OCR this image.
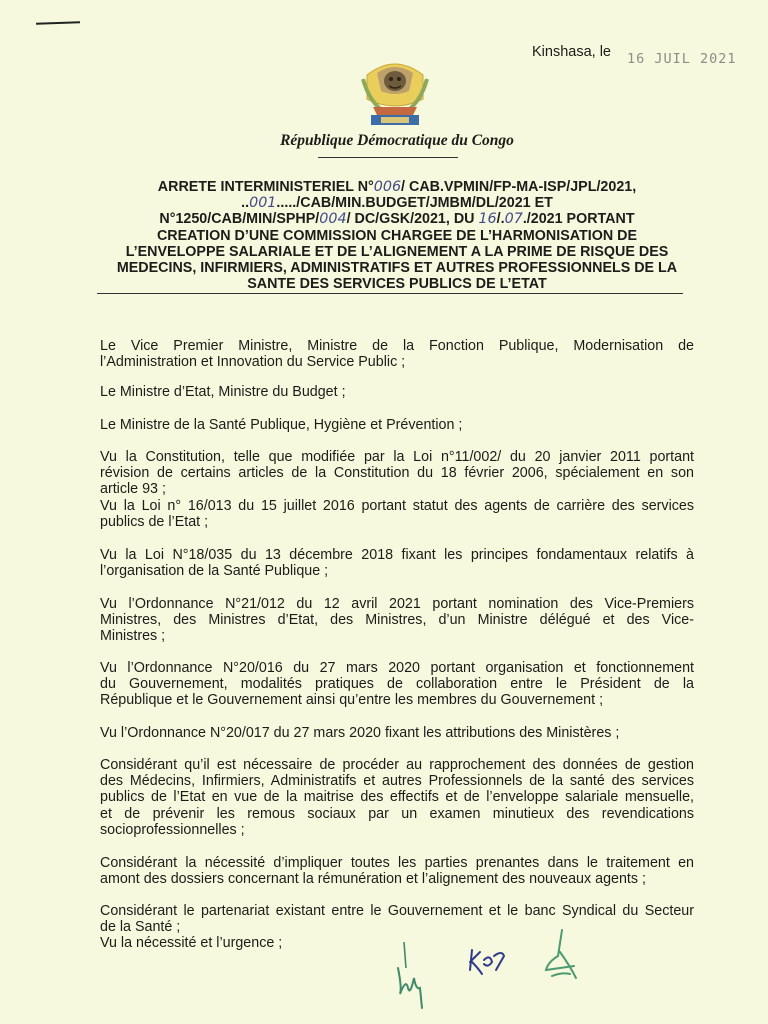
Kinshasa, le 16 JUIL 2021
République Démocratique du Congo
ARRETE INTERMINISTERIEL N°006/ CAB.VPMIN/FP-MA-ISP/JPL/2021,
..001...../CAB/MIN.BUDGET/JMBM/DL/2021 ET
N°1250/CAB/MIN/SPHP/004/ DC/GSK/2021, DU 16/.07./2021 PORTANT
CREATION D’UNE COMMISSION CHARGEE DE L’HARMONISATION DE
L’ENVELOPPE SALARIALE ET DE L’ALIGNEMENT A LA PRIME DE RISQUE DES
MEDECINS, INFIRMIERS, ADMINISTRATIFS ET AUTRES PROFESSIONNELS DE LA
SANTE DES SERVICES PUBLICS DE L’ETAT
Le Vice Premier Ministre, Ministre de la Fonction Publique, Modernisation de
l’Administration et Innovation du Service Public ;
Le Ministre d’Etat, Ministre du Budget ;
Le Ministre de la Santé Publique, Hygiène et Prévention ;
Vu la Constitution, telle que modifiée par la Loi n°11/002/ du 20 janvier 2011 portant
révision de certains articles de la Constitution du 18 février 2006, spécialement en son
article 93 ;
Vu la Loi n° 16/013 du 15 juillet 2016 portant statut des agents de carrière des services
publics de l’Etat ;
Vu la Loi N°18/035 du 13 décembre 2018 fixant les principes fondamentaux relatifs à
l’organisation de la Santé Publique ;
Vu l’Ordonnance N°21/012 du 12 avril 2021 portant nomination des Vice-Premiers
Ministres, des Ministres d’Etat, des Ministres, d’un Ministre délégué et des Vice-
Ministres ;
Vu l’Ordonnance N°20/016 du 27 mars 2020 portant organisation et fonctionnement
du Gouvernement, modalités pratiques de collaboration entre le Président de la
République et le Gouvernement ainsi qu’entre les membres du Gouvernement ;
Vu l’Ordonnance N°20/017 du 27 mars 2020 fixant les attributions des Ministères ;
Considérant qu’il est nécessaire de procéder au rapprochement des données de gestion
des Médecins, Infirmiers, Administratifs et autres Professionnels de la santé des services
publics de l’Etat en vue de la maitrise des effectifs et de l’enveloppe salariale mensuelle,
et de prévenir les remous sociaux par un examen minutieux des revendications
socioprofessionnelles ;
Considérant la nécessité d’impliquer toutes les parties prenantes dans le traitement en
amont des dossiers concernant la rémunération et l’alignement des nouveaux agents ;
Considérant le partenariat existant entre le Gouvernement et le banc Syndical du Secteur
de la Santé ;
Vu la nécessité et l’urgence ;
